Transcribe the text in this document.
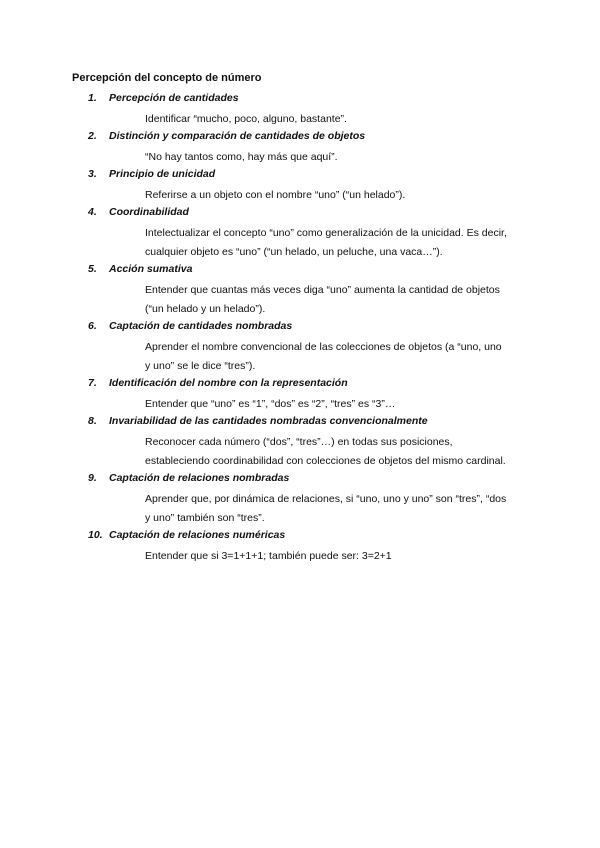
Percepción del concepto de número
1. Percepción de cantidades
Identificar “mucho, poco, alguno, bastante”.
2. Distinción y comparación de cantidades de objetos
“No hay tantos como, hay más que aquí”.
3. Principio de unicidad
Referirse a un objeto con el nombre “uno” (“un helado”).
4. Coordinabilidad
Intelectualizar el concepto “uno” como generalización de la unicidad. Es decir,
cualquier objeto es “uno” (“un helado, un peluche, una vaca…”).
5. Acción sumativa
Entender que cuantas más veces diga “uno” aumenta la cantidad de objetos
(“un helado y un helado”).
6. Captación de cantidades nombradas
Aprender el nombre convencional de las colecciones de objetos (a “uno, uno
y uno” se le dice “tres”).
7. Identificación del nombre con la representación
Entender que “uno” es “1”, “dos” es “2”, “tres” es “3”…
8. Invariabilidad de las cantidades nombradas convencionalmente
Reconocer cada número (“dos”, “tres”…) en todas sus posiciones,
estableciendo coordinabilidad con colecciones de objetos del mismo cardinal.
9. Captación de relaciones nombradas
Aprender que, por dinámica de relaciones, si “uno, uno y uno” son “tres”, “dos
y uno” también son “tres”.
10. Captación de relaciones numéricas
Entender que si 3=1+1+1; también puede ser: 3=2+1
